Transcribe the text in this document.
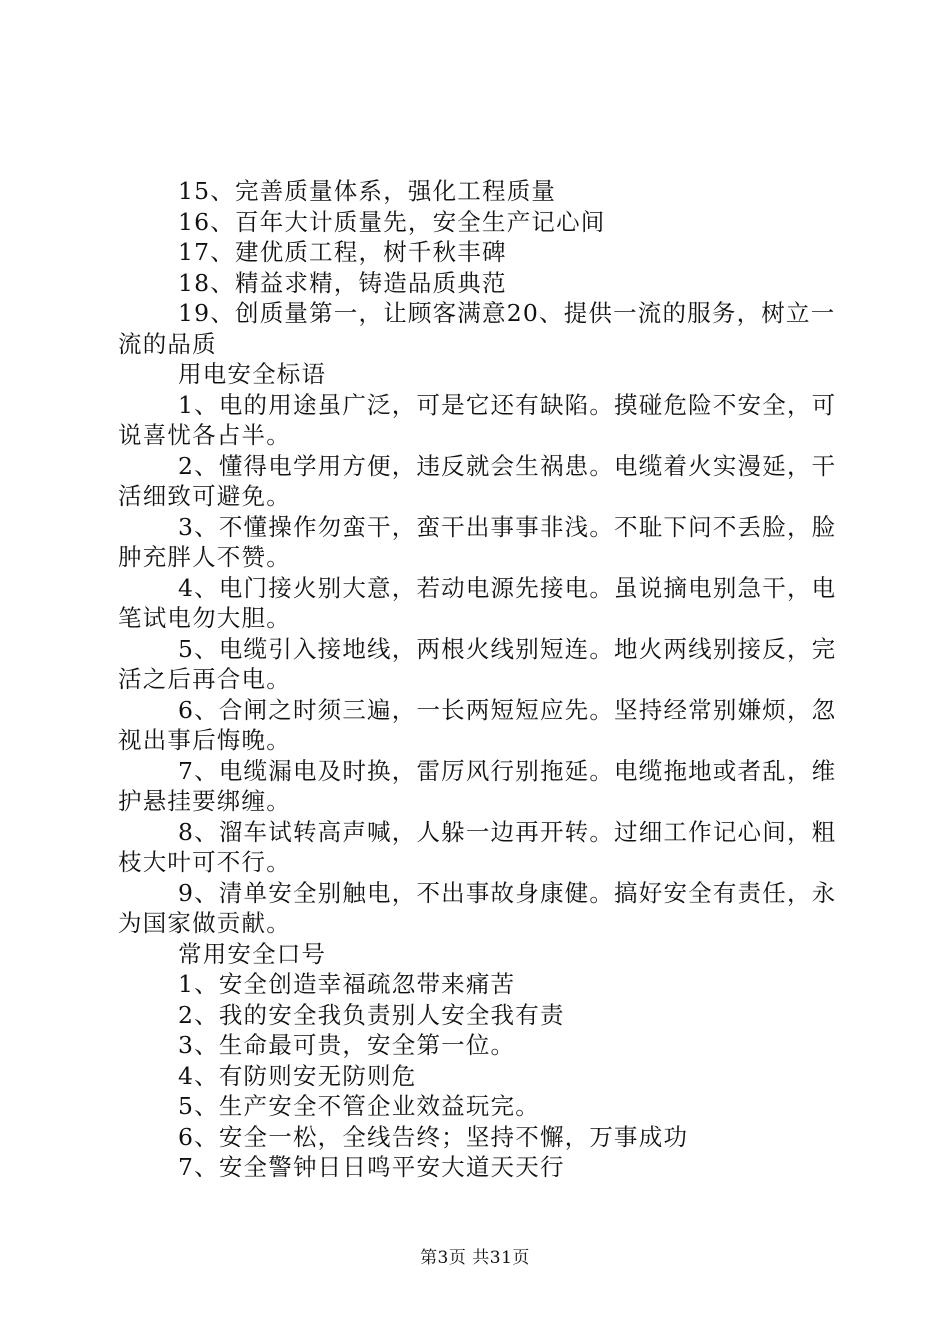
15、完善质量体系，强化工程质量

16、百年大计质量先，安全生产记心间

17、建优质工程，树千秋丰碑

18、精益求精，铸造品质典范

19、创质量第一，让顾客满意20、提供一流的服务，树立一流的品质

用电安全标语

1、电的用途虽广泛，可是它还有缺陷。摸碰危险不安全，可说喜忧各占半。

2、懂得电学用方便，违反就会生祸患。电缆着火实漫延，干活细致可避免。

3、不懂操作勿蛮干，蛮干出事事非浅。不耻下问不丢脸，脸肿充胖人不赞。

4、电门接火别大意，若动电源先接电。虽说摘电别急干，电笔试电勿大胆。

5、电缆引入接地线，两根火线别短连。地火两线别接反，完活之后再合电。

6、合闸之时须三遍，一长两短短应先。坚持经常别嫌烦，忽视出事后悔晚。

7、电缆漏电及时换，雷厉风行别拖延。电缆拖地或者乱，维护悬挂要绑缠。

8、溜车试转高声喊，人躲一边再开转。过细工作记心间，粗枝大叶可不行。

9、清单安全别触电，不出事故身康健。搞好安全有责任，永为国家做贡献。

常用安全口号

1、安全创造幸福疏忽带来痛苦

2、我的安全我负责别人安全我有责

3、生命最可贵，安全第一位。

4、有防则安无防则危

5、生产安全不管企业效益玩完。

6、安全一松，全线告终；坚持不懈，万事成功

7、安全警钟日日鸣平安大道天天行

第3页 共31页
